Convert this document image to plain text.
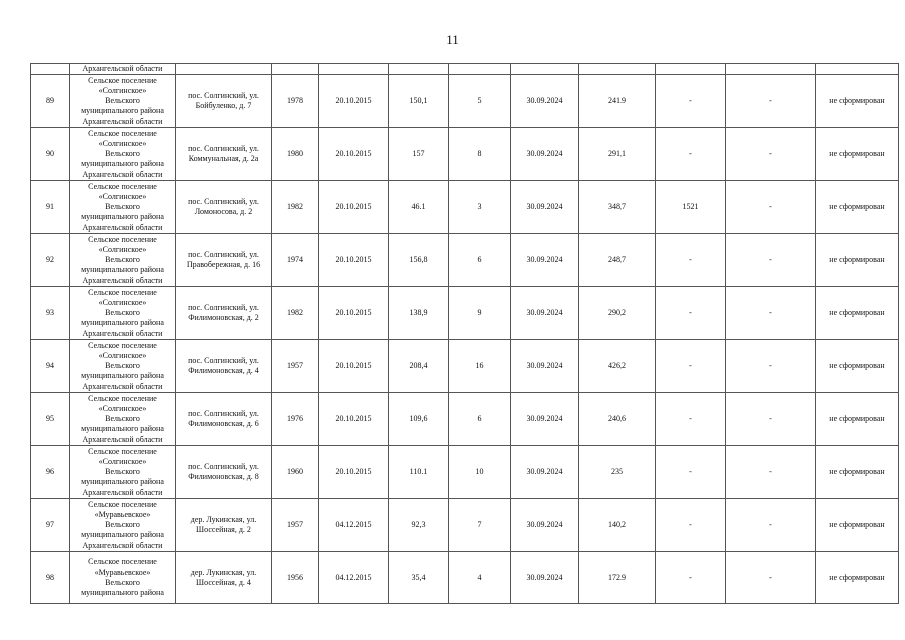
11

	Архангельской области										

89	Сельское поселение
«Солгинское»
Вельского
муниципального района
Архангельской области	пос. Солгинский, ул.
Бойбуленко, д. 7	1978	20.10.2015	150,1	5	30.09.2024	241.9	-	-	не сформирован
90	Сельское поселение
«Солгинское»
Вельского
муниципального района
Архангельской области	пос. Солгинский, ул.
Коммунальная, д. 2а	1980	20.10.2015	157	8	30.09.2024	291,1	-	-	не сформирован
91	Сельское поселение
«Солгинское»
Вельского
муниципального района
Архангельской области	пос. Солгинский, ул.
Ломоносова, д. 2	1982	20.10.2015	46.1	3	30.09.2024	348,7	1521	-	не сформирован
92	Сельское поселение
«Солгинское»
Вельского
муниципального района
Архангельской области	пос. Солгинский, ул.
Правобережная, д. 16	1974	20.10.2015	156,8	6	30.09.2024	248,7	-	-	не сформирован
93	Сельское поселение
«Солгинское»
Вельского
муниципального района
Архангельской области	пос. Солгинский, ул.
Филимоновская, д. 2	1982	20.10.2015	138,9	9	30.09.2024	290,2	-	-	не сформирован
94	Сельское поселение
«Солгинское»
Вельского
муниципального района
Архангельской области	пос. Солгинский, ул.
Филимоновская, д. 4	1957	20.10.2015	208,4	16	30.09.2024	426,2	-	-	не сформирован
95	Сельское поселение
«Солгинское»
Вельского
муниципального района
Архангельской области	пос. Солгинский, ул.
Филимоновская, д. 6	1976	20.10.2015	109,6	6	30.09.2024	240,6	-	-	не сформирован
96	Сельское поселение
«Солгинское»
Вельского
муниципального района
Архангельской области	пос. Солгинский, ул.
Филимоновская, д. 8	1960	20.10.2015	110.1	10	30.09.2024	235	-	-	не сформирован
97	Сельское поселение
«Муравьевское»
Вельского
муниципального района
Архангельской области	дер. Лукинская, ул.
Шоссейная, д. 2	1957	04.12.2015	92,3	7	30.09.2024	140,2	-	-	не сформирован
98	Сельское поселение
«Муравьевское»
Вельского
муниципального района	дер. Лукинская, ул.
Шоссейная, д. 4	1956	04.12.2015	35,4	4	30.09.2024	172.9	-	-	не сформирован
